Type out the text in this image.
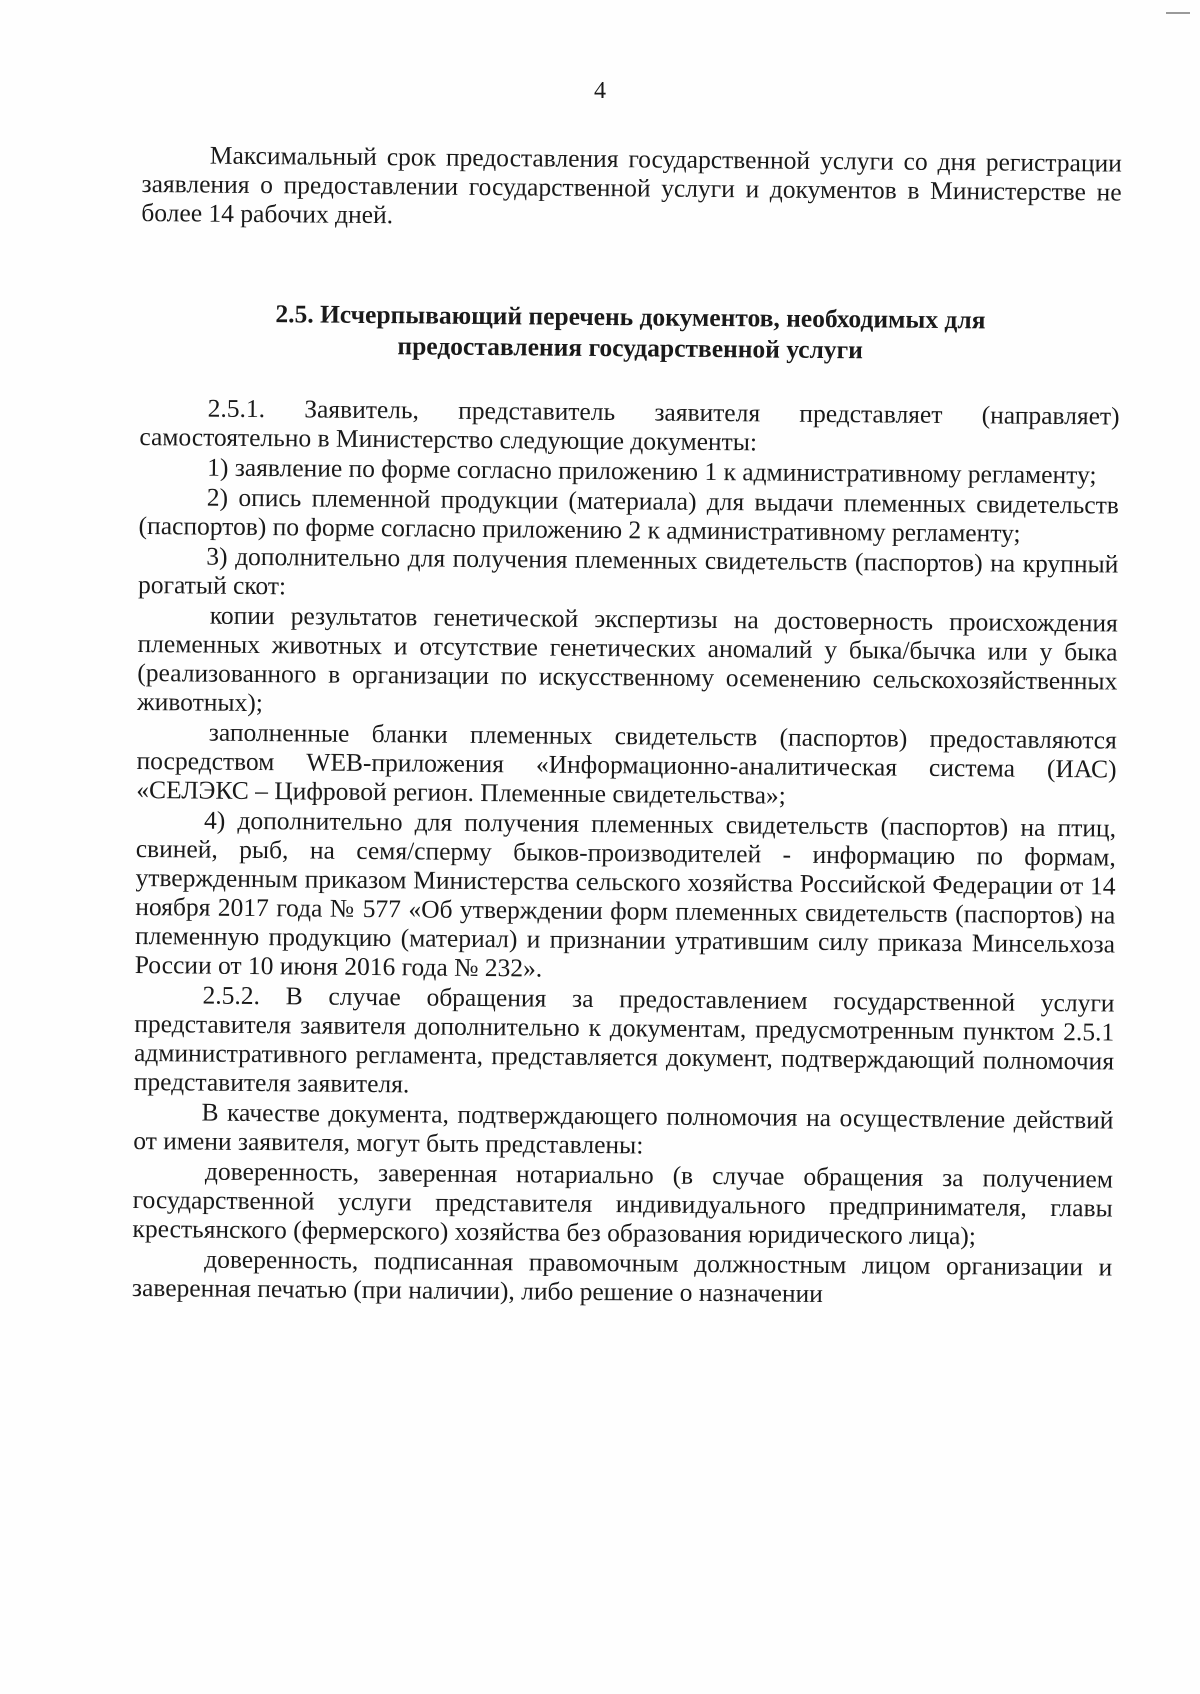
4

Максимальный срок предоставления государственной услуги со дня регистрации заявления о предоставлении государственной услуги и документов в Министерстве не более 14 рабочих дней.

2.5. Исчерпывающий перечень документов, необходимых для
предоставления государственной услуги

2.5.1. Заявитель, представитель заявителя представляет (направляет) самостоятельно в Министерство следующие документы:

1) заявление по форме согласно приложению 1 к административному регламенту;

2) опись племенной продукции (материала) для выдачи племенных свидетельств (паспортов) по форме согласно приложению 2 к административному регламенту;

3) дополнительно для получения племенных свидетельств (паспортов) на крупный рогатый скот:

копии результатов генетической экспертизы на достоверность происхождения племенных животных и отсутствие генетических аномалий у быка/бычка или у быка (реализованного в организации по искусственному осеменению сельскохозяйственных животных);

заполненные бланки племенных свидетельств (паспортов) предоставляются посредством WEB-приложения «Информационно-аналитическая система (ИАС) «СЕЛЭКС – Цифровой регион. Племенные свидетельства»;

4) дополнительно для получения племенных свидетельств (паспортов) на птиц, свиней, рыб, на семя/сперму быков-производителей - информацию по формам, утвержденным приказом Министерства сельского хозяйства Российской Федерации от 14 ноября 2017 года № 577 «Об утверждении форм племенных свидетельств (паспортов) на племенную продукцию (материал) и признании утратившим силу приказа Минсельхоза России от 10 июня 2016 года № 232».

2.5.2. В случае обращения за предоставлением государственной услуги представителя заявителя дополнительно к документам, предусмотренным пунктом 2.5.1 административного регламента, представляется документ, подтверждающий полномочия представителя заявителя.

В качестве документа, подтверждающего полномочия на осуществление действий от имени заявителя, могут быть представлены:

доверенность, заверенная нотариально (в случае обращения за получением государственной услуги представителя индивидуального предпринимателя, главы крестьянского (фермерского) хозяйства без образования юридического лица);

доверенность, подписанная правомочным должностным лицом организации и заверенная печатью (при наличии), либо решение о назначении
